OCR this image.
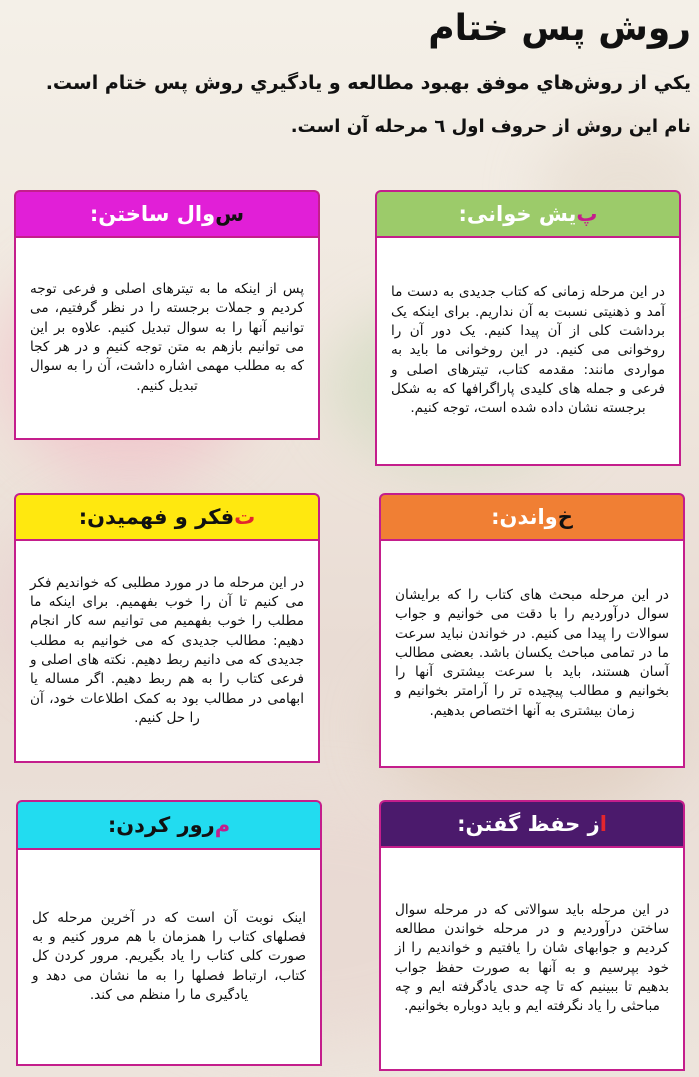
روش پس ختام
يکي از روش‌هاي موفق بهبود مطالعه و يادگيري روش پس ختام است.
نام اين روش از حروف اول ٦ مرحله آن است.
پ
یش خوانی:
در این مرحله زمانی که کتاب جدیدی به دست ما آمد و ذهنیتی نسبت به آن نداریم. برای اینکه یک برداشت کلی از آن پیدا کنیم. یک دور آن را روخوانی می کنیم. در این روخوانی ما باید به مواردی مانند: مقدمه کتاب، تیترهای اصلی و فرعی و جمله های کلیدی پاراگرافها که به شکل برجسته نشان داده شده است، توجه کنیم.
س
وال ساختن:
پس از اینکه ما به تیترهای اصلی و فرعی توجه کردیم و جملات برجسته را در نظر گرفتیم، می توانیم آنها را به سوال تبدیل کنیم. علاوه بر این می توانیم بازهم به متن توجه کنیم و در هر کجا که به مطلب مهمی اشاره داشت، آن را به سوال تبدیل کنیم.
خ
واندن:
در این مرحله مبحث های کتاب را که برایشان سوال درآوردیم را با دقت می خوانیم و جواب سوالات را پیدا می کنیم. در خواندن نباید سرعت ما در تمامی مباحث یکسان باشد. بعضی مطالب آسان هستند، باید با سرعت بیشتری آنها را بخوانیم و مطالب پیچیده تر را آرامتر بخوانیم و زمان بیشتری به آنها اختصاص بدهیم.
ت
فکر و فهمیدن:
در این مرحله ما در مورد مطلبی که خواندیم فکر می کنیم تا آن را خوب بفهمیم. برای اینکه ما مطلب را خوب بفهمیم می توانیم سه کار انجام دهیم: مطالب جدیدی که می خوانیم به مطلب جدیدی که می دانیم ربط دهیم. نکته های اصلی و فرعی کتاب را به هم ربط دهیم. اگر مساله یا ابهامی در مطالب بود به کمک اطلاعات خود، آن را حل کنیم.
م
رور کردن:
اینک نوبت آن است که در آخرین مرحله کل فصلهای کتاب را همزمان با هم مرور کنیم و به صورت کلی کتاب را یاد بگیریم. مرور کردن کل کتاب، ارتباط فصلها را به ما نشان می دهد و یادگیری ما را منظم می کند.
ا
ز حفظ گفتن:
در این مرحله باید سوالاتی که در مرحله سوال ساختن درآوردیم و در مرحله خواندن مطالعه کردیم و جوابهای شان را یافتیم و خواندیم را از خود بپرسیم و به آنها به صورت حفظ جواب بدهیم تا ببینیم که تا چه حدی یادگرفته ایم و چه مباحثی را یاد نگرفته ایم و باید دوباره بخوانیم.
